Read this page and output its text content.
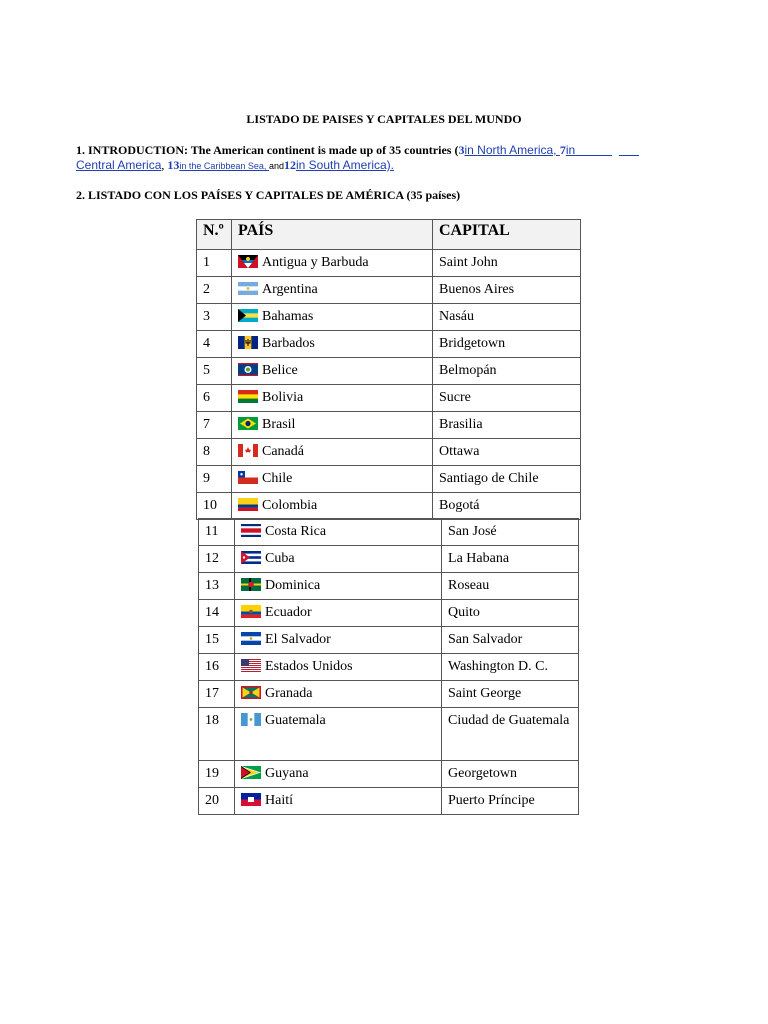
LISTADO DE PAISES Y CAPITALES DEL MUNDO
1. INTRODUCTION: The American continent is made up of 35 countries (3in North America, 7in
Central America, 13in the Caribbean Sea, and12in South America).
2. LISTADO CON LOS PAÍSES Y CAPITALES DE AMÉRICA (35 países)
N.º	PAÍS	CAPITAL
1	Antigua y Barbuda	Saint John
2	Argentina	Buenos Aires
3	Bahamas	Nasáu
4	Barbados	Bridgetown
5	Belice	Belmopán
6	Bolivia	Sucre
7	Brasil	Brasilia
8	Canadá	Ottawa
9	Chile	Santiago de Chile
10	Colombia	Bogotá
11	Costa Rica	San José
12	Cuba	La Habana
13	Dominica	Roseau
14	Ecuador	Quito
15	El Salvador	San Salvador
16	Estados Unidos	Washington D. C.
17	Granada	Saint George
18	Guatemala	Ciudad de Guatemala
19	Guyana	Georgetown
20	Haití	Puerto Príncipe
